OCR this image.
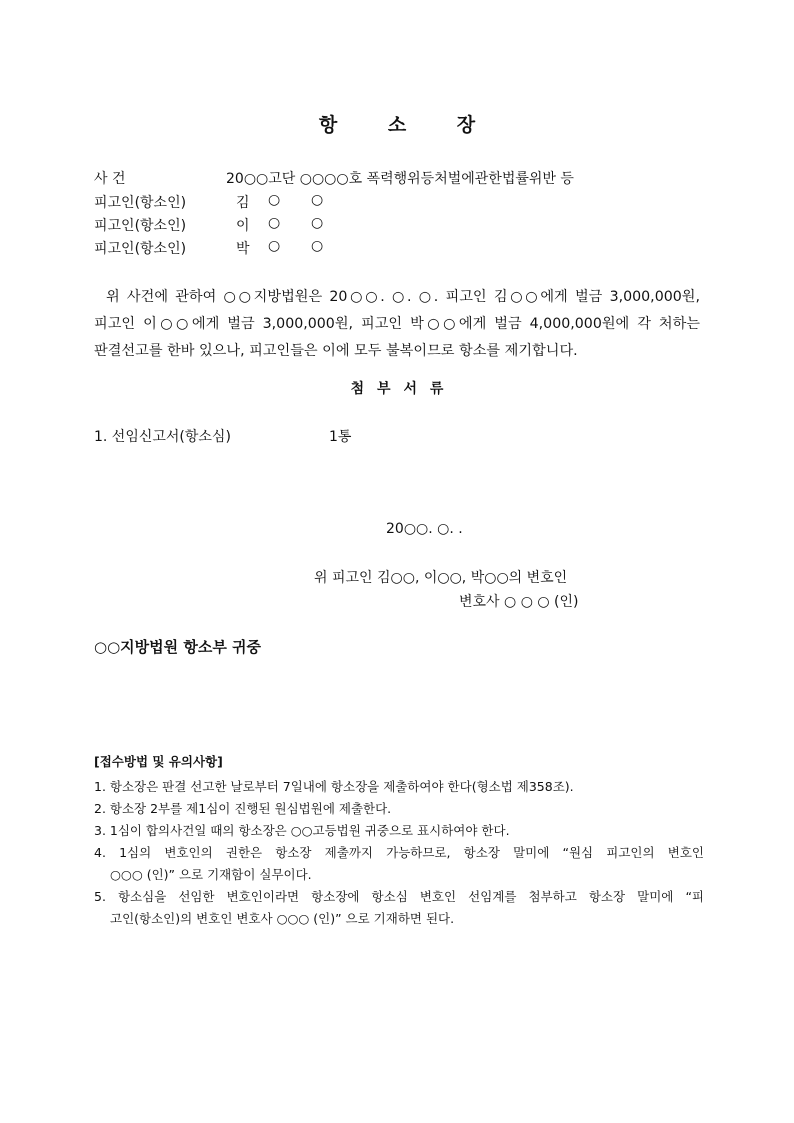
항	소	장
사 건	20○○고단 ○○○○호 폭력행위등처벌에관한법률위반 등
피고인(항소인)	김 ○ ○
피고인(항소인)	이 ○ ○
피고인(항소인)	박 ○ ○

위 사건에 관하여 ○○지방법원은 20○○. ○. ○. 피고인 김○○에게 벌금 3,000,000원,

피고인 이○○에게 벌금 3,000,000원, 피고인 박○○에게 벌금 4,000,000원에 각 처하는

판결선고를 한바 있으나, 피고인들은 이에 모두 불복이므로 항소를 제기합니다.

첨 부 서 류
1. 선임신고서(항소심)	1통
20○○. ○. .
위 피고인 김○○, 이○○, 박○○의 변호인
변호사 ○ ○ ○ (인)
○○지방법원 항소부 귀중
[접수방법 및 유의사항]

1. 항소장은 판결 선고한 날로부터 7일내에 항소장을 제출하여야 한다(형소법 제358조).

2. 항소장 2부를 제1심이 진행된 원심법원에 제출한다.

3. 1심이 합의사건일 때의 항소장은 ○○고등법원 귀중으로 표시하여야 한다.

4. 1심의 변호인의 권한은 항소장 제출까지 가능하므로, 항소장 말미에 “원심 피고인의 변호인

○○○ (인)” 으로 기재함이 실무이다.

5. 항소심을 선임한 변호인이라면 항소장에 항소심 변호인 선임계를 첨부하고 항소장 말미에 “피

고인(항소인)의 변호인 변호사 ○○○ (인)” 으로 기재하면 된다.
